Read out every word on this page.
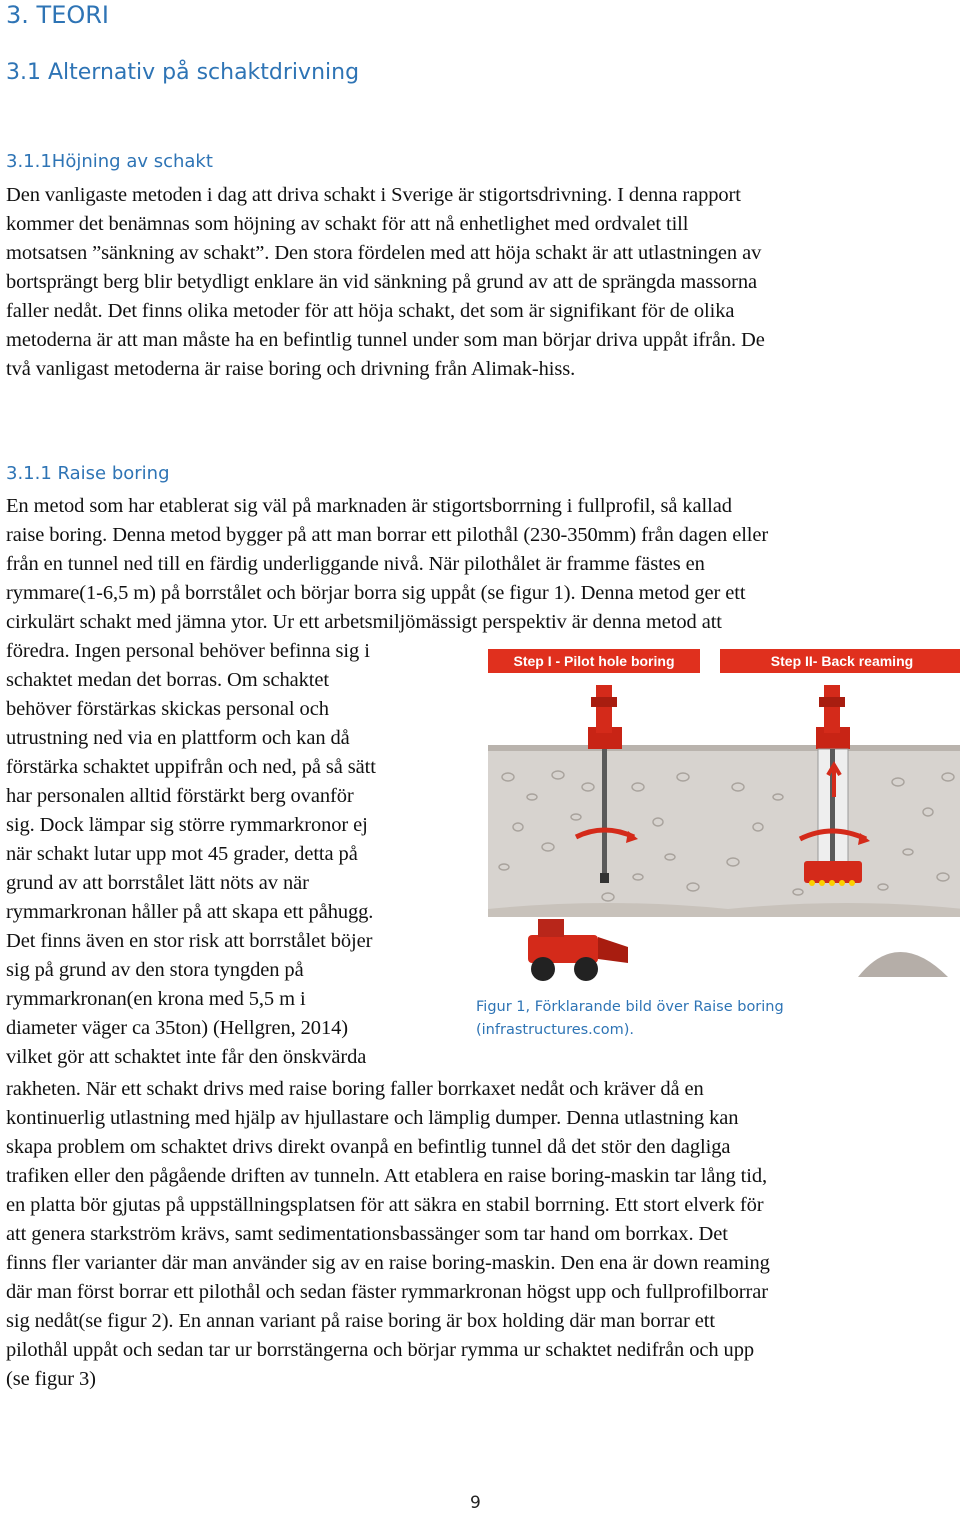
3. TEORI
3.1 Alternativ på schaktdrivning
3.1.1Höjning av schakt
Den vanligaste metoden i dag att driva schakt i Sverige är stigortsdrivning. I denna rapport
kommer det benämnas som höjning av schakt för att nå enhetlighet med ordvalet till
motsatsen ”sänkning av schakt”. Den stora fördelen med att höja schakt är att utlastningen av
bortsprängt berg blir betydligt enklare än vid sänkning på grund av att de sprängda massorna
faller nedåt. Det finns olika metoder för att höja schakt, det som är signifikant för de olika
metoderna är att man måste ha en befintlig tunnel under som man börjar driva uppåt ifrån. De
två vanligast metoderna är raise boring och drivning från Alimak-hiss.
3.1.1 Raise boring
En metod som har etablerat sig väl på marknaden är stigortsborrning i fullprofil, så kallad
raise boring. Denna metod bygger på att man borrar ett pilothål (230-350mm) från dagen eller
från en tunnel ned till en färdig underliggande nivå. När pilothålet är framme fästes en
rymmare(1-6,5 m) på borrstålet och börjar borra sig uppåt (se figur 1). Denna metod ger ett
cirkulärt schakt med jämna ytor. Ur ett arbetsmiljömässigt perspektiv är denna metod att
föredra. Ingen personal behöver befinna sig i
schaktet medan det borras. Om schaktet
behöver förstärkas skickas personal och
utrustning ned via en plattform och kan då
förstärka schaktet uppifrån och ned, på så sätt
har personalen alltid förstärkt berg ovanför
sig. Dock lämpar sig större rymmarkronor ej
när schakt lutar upp mot 45 grader, detta på
grund av att borrstålet lätt nöts av när
rymmarkronan håller på att skapa ett påhugg.
Det finns även en stor risk att borrstålet böjer
sig på grund av den stora tyngden på
rymmarkronan(en krona med 5,5 m i
diameter väger ca 35ton) (Hellgren, 2014)
vilket gör att schaktet inte får den önskvärda
Step I - Pilot hole boring	Step II- Back reaming
Figur 1, Förklarande bild över Raise boring
(infrastructures.com).
rakheten. När ett schakt drivs med raise boring faller borrkaxet nedåt och kräver då en
kontinuerlig utlastning med hjälp av hjullastare och lämplig dumper. Denna utlastning kan
skapa problem om schaktet drivs direkt ovanpå en befintlig tunnel då det stör den dagliga
trafiken eller den pågående driften av tunneln. Att etablera en raise boring-maskin tar lång tid,
en platta bör gjutas på uppställningsplatsen för att säkra en stabil borrning. Ett stort elverk för
att genera starkström krävs, samt sedimentationsbassänger som tar hand om borrkax. Det
finns fler varianter där man använder sig av en raise boring-maskin. Den ena är down reaming
där man först borrar ett pilothål och sedan fäster rymmarkronan högst upp och fullprofilborrar
sig nedåt(se figur 2). En annan variant på raise boring är box holding där man borrar ett
pilothål uppåt och sedan tar ur borrstängerna och börjar rymma ur schaktet nedifrån och upp
(se figur 3)
9
